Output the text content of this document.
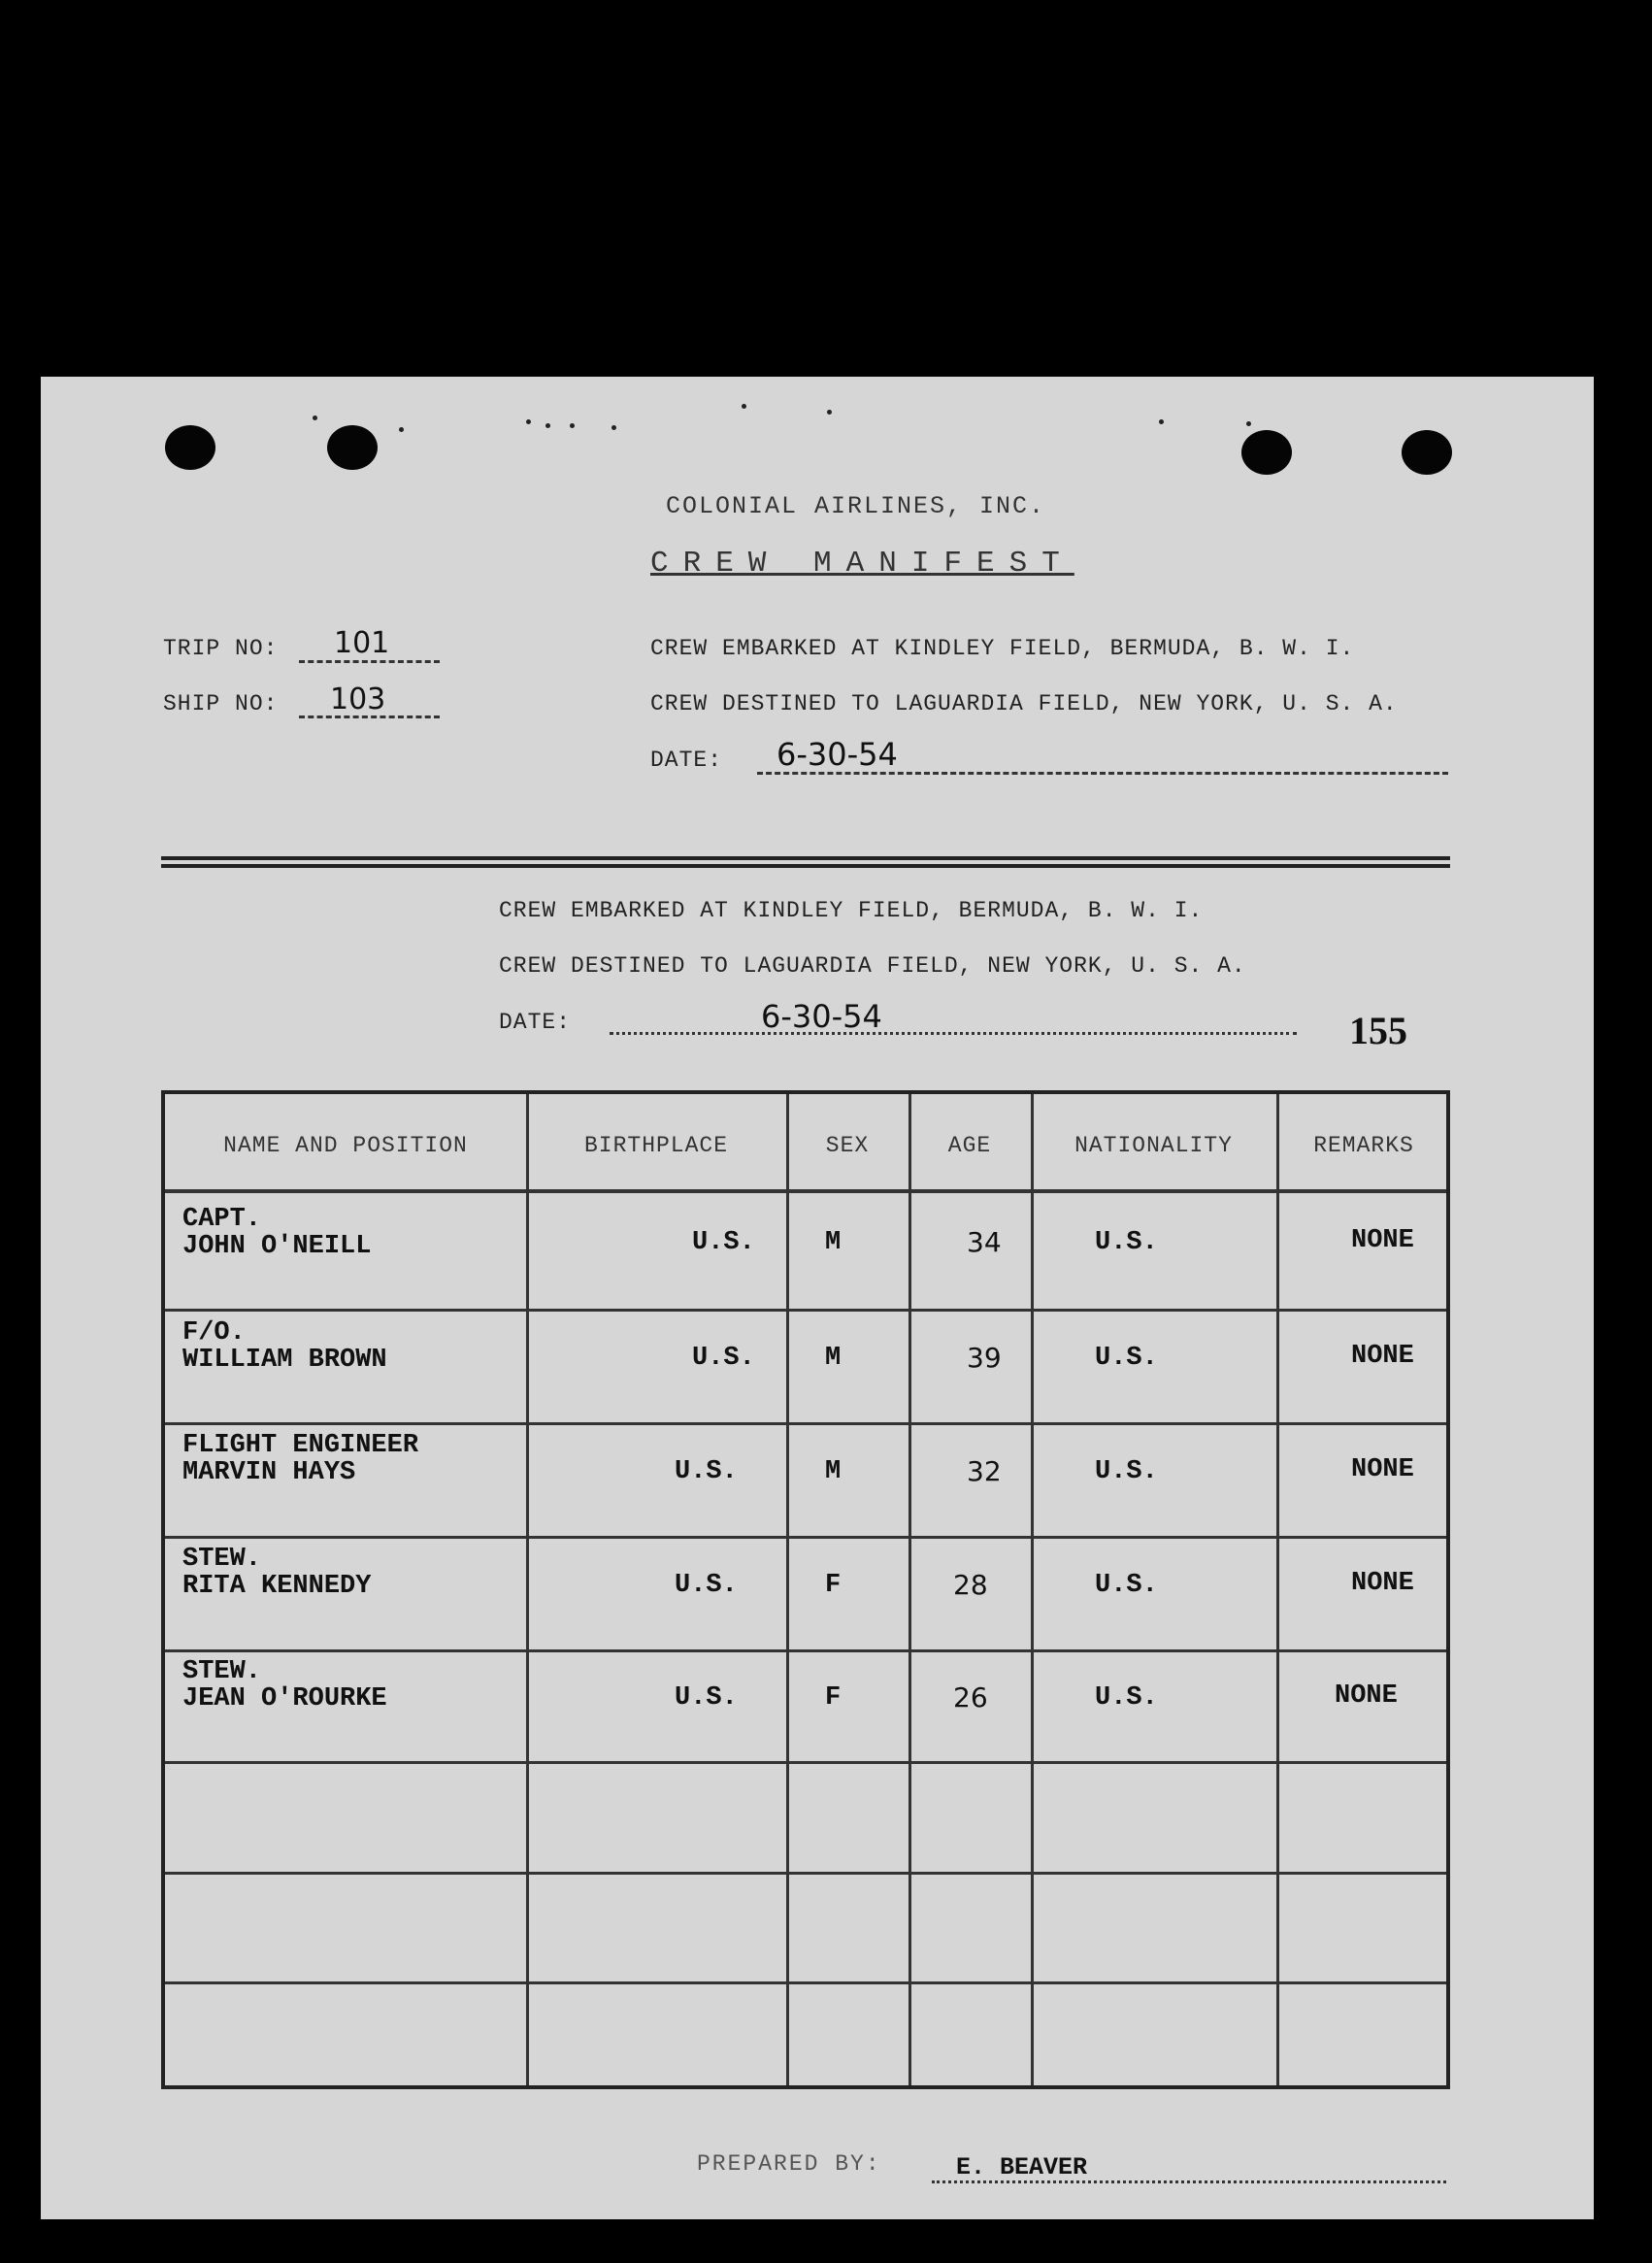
COLONIAL AIRLINES, INC.
CREW MANIFEST
TRIP NO: 101
SHIP NO: 103
CREW EMBARKED AT KINDLEY FIELD, BERMUDA, B. W. I.
CREW DESTINED TO LAGUARDIA FIELD, NEW YORK, U. S. A.
DATE: 6-30-54
CREW EMBARKED AT KINDLEY FIELD, BERMUDA, B. W. I.
CREW DESTINED TO LAGUARDIA FIELD, NEW YORK, U. S. A.
DATE:	6-30-54	155
NAME AND POSITION	BIRTHPLACE	SEX	AGE	NATIONALITY	REMARKS
CAPT.
JOHN O'NEILL	U.S.	M	34	U.S.	NONE
F/O.
WILLIAM BROWN	U.S.	M	39	U.S.	NONE
FLIGHT ENGINEER
MARVIN HAYS	U.S.	M	32	U.S.	NONE
STEW.
RITA KENNEDY	U.S.	F	28	U.S.	NONE
STEW.
JEAN O'ROURKE	U.S.	F	26	U.S.	NONE
PREPARED BY:	E. BEAVER
